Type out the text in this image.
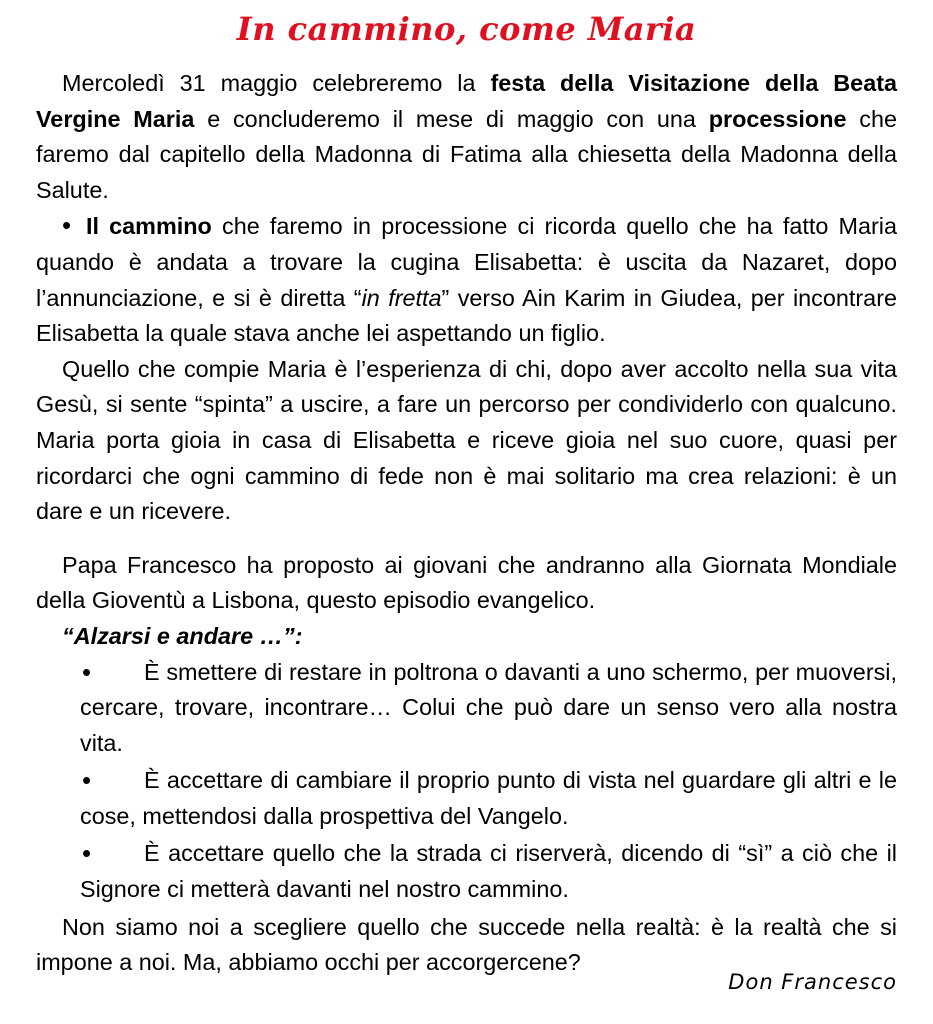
In cammino, come Maria

Mercoledì 31 maggio celebreremo la festa della Visitazione della Beata Vergine Maria e concluderemo il mese di maggio con una processione che faremo dal capitello della Madonna di Fatima alla chiesetta della Madonna della Salute.

• Il cammino che faremo in processione ci ricorda quello che ha fatto Maria quando è andata a trovare la cugina Elisabetta: è uscita da Nazaret, dopo l’annunciazione, e si è diretta “in fretta” verso Ain Karim in Giudea, per incontrare Elisabetta la quale stava anche lei aspettando un figlio.

Quello che compie Maria è l’esperienza di chi, dopo aver accolto nella sua vita Gesù, si sente “spinta” a uscire, a fare un percorso per condividerlo con qualcuno. Maria porta gioia in casa di Elisabetta e riceve gioia nel suo cuore, quasi per ricordarci che ogni cammino di fede non è mai solitario ma crea relazioni: è un dare e un ricevere.

Papa Francesco ha proposto ai giovani che andranno alla Giornata Mondiale della Gioventù a Lisbona, questo episodio evangelico.

“Alzarsi e andare …”:

• È smettere di restare in poltrona o davanti a uno schermo, per muoversi, cercare, trovare, incontrare… Colui che può dare un senso vero alla nostra vita.
• È accettare di cambiare il proprio punto di vista nel guardare gli altri e le cose, mettendosi dalla prospettiva del Vangelo.
• È accettare quello che la strada ci riserverà, dicendo di “sì” a ciò che il Signore ci metterà davanti nel nostro cammino.

Non siamo noi a scegliere quello che succede nella realtà: è la realtà che si impone a noi. Ma, abbiamo occhi per accorgercene?

Don Francesco
